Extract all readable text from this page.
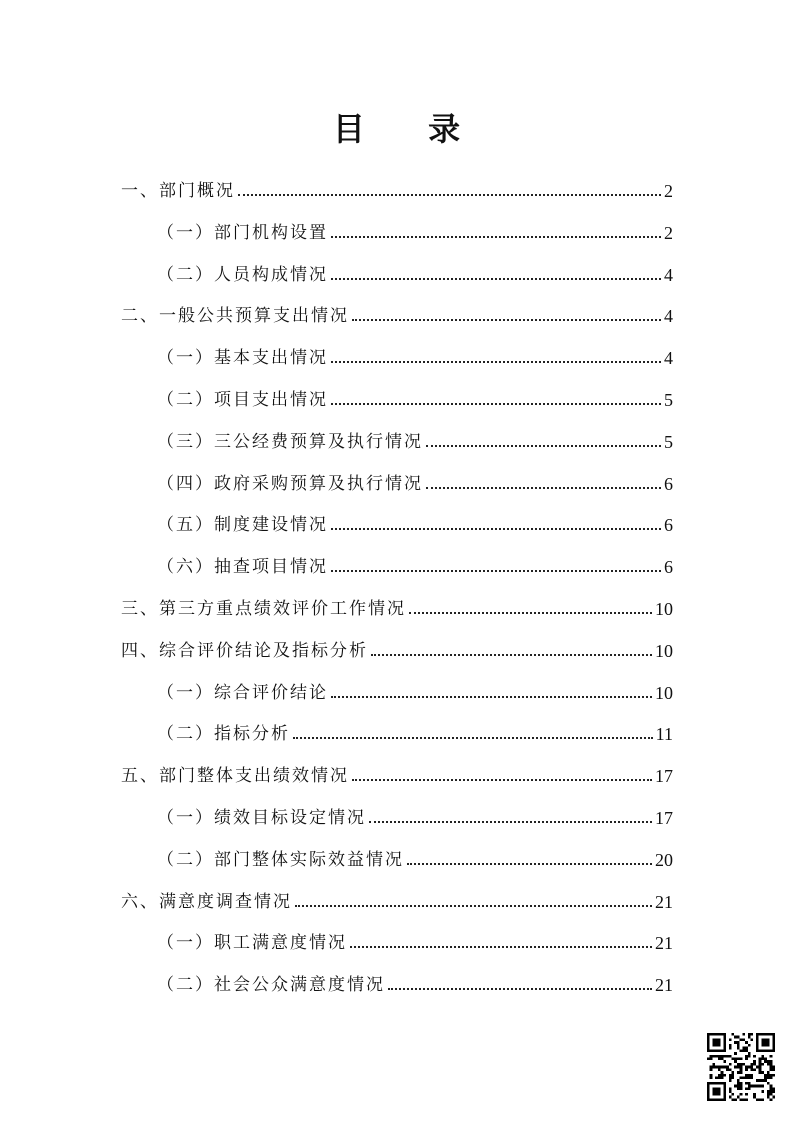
目 录
一、部门概况	2
（一）部门机构设置	2
（二）人员构成情况	4
二、一般公共预算支出情况	4
（一）基本支出情况	4
（二）项目支出情况	5
（三）三公经费预算及执行情况	5
（四）政府采购预算及执行情况	6
（五）制度建设情况	6
（六）抽查项目情况	6
三、第三方重点绩效评价工作情况	10
四、综合评价结论及指标分析	10
（一）综合评价结论	10
（二）指标分析	11
五、部门整体支出绩效情况	17
（一）绩效目标设定情况	17
（二）部门整体实际效益情况	20
六、满意度调查情况	21
（一）职工满意度情况	21
（二）社会公众满意度情况	21
